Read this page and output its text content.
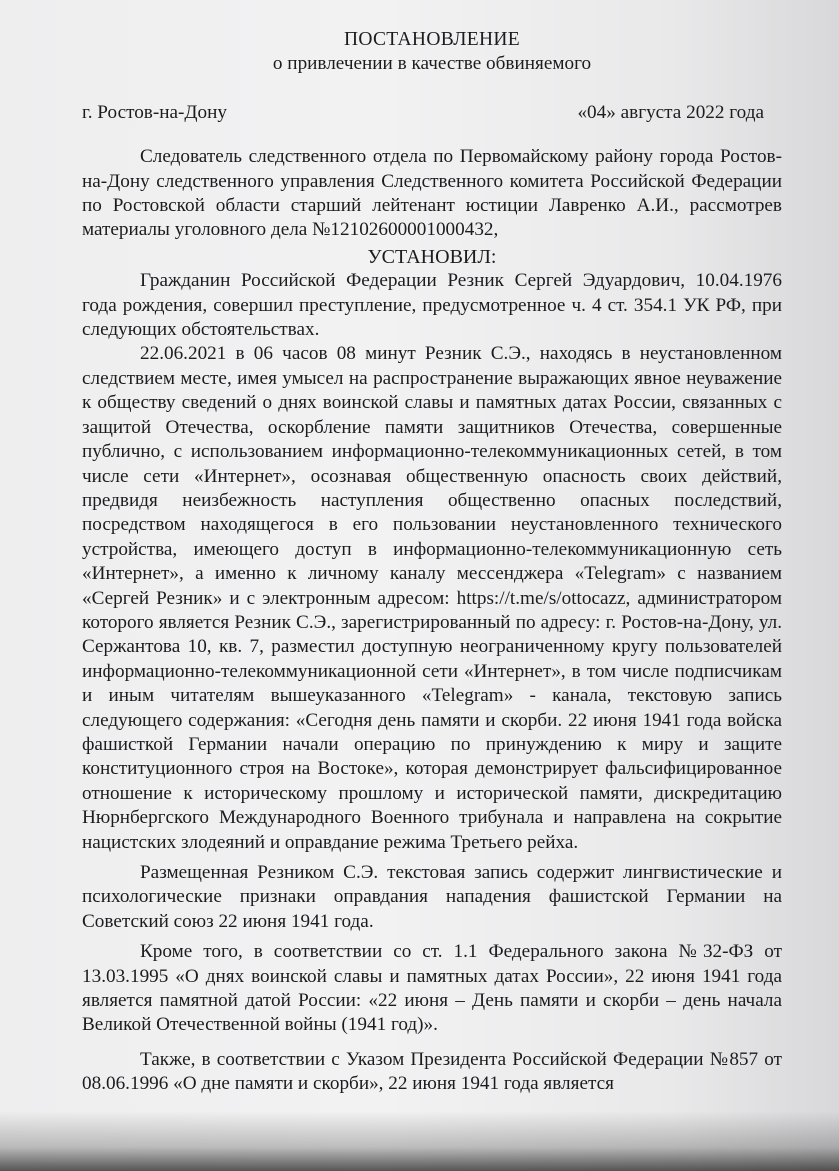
ПОСТАНОВЛЕНИЕ
о привлечении в качестве обвиняемого
г. Ростов-на-Дону	«04» августа 2022 года

Следователь следственного отдела по Первомайскому району города Ростов-на-Дону следственного управления Следственного комитета Российской Федерации по Ростовской области старший лейтенант юстиции Лавренко А.И., рассмотрев материалы уголовного дела №12102600001000432,

УСТАНОВИЛ:

Гражданин Российской Федерации Резник Сергей Эдуардович, 10.04.1976 года рождения, совершил преступление, предусмотренное ч. 4 ст. 354.1 УК РФ, при следующих обстоятельствах.

22.06.2021 в 06 часов 08 минут Резник С.Э., находясь в неустановленном следствием месте, имея умысел на распространение выражающих явное неуважение к обществу сведений о днях воинской славы и памятных датах России, связанных с защитой Отечества, оскорбление памяти защитников Отечества, совершенные публично, с использованием информационно-телекоммуникационных сетей, в том числе сети «Интернет», осознавая общественную опасность своих действий, предвидя неизбежность наступления общественно опасных последствий, посредством находящегося в его пользовании неустановленного технического устройства, имеющего доступ в информационно-телекоммуникационную сеть «Интернет», а именно к личному каналу мессенджера «Telegram» с названием «Сергей Резник» и с электронным адресом: https://t.me/s/ottocazz, администратором которого является Резник С.Э., зарегистрированный по адресу: г. Ростов-на-Дону, ул. Сержантова 10, кв. 7, разместил доступную неограниченному кругу пользователей информационно-телекоммуникационной сети «Интернет», в том числе подписчикам и иным читателям вышеуказанного «Telegram» - канала, текстовую запись следующего содержания: «Сегодня день памяти и скорби. 22 июня 1941 года войска фашисткой Германии начали операцию по принуждению к миру и защите конституционного строя на Востоке», которая демонстрирует фальсифицированное отношение к историческому прошлому и исторической памяти, дискредитацию Нюрнбергского Международного Военного трибунала и направлена на сокрытие нацистских злодеяний и оправдание режима Третьего рейха.

Размещенная Резником С.Э. текстовая запись содержит лингвистические и психологические признаки оправдания нападения фашистской Германии на Советский союз 22 июня 1941 года.

Кроме того, в соответствии со ст. 1.1 Федерального закона №32-ФЗ от 13.03.1995 «О днях воинской славы и памятных датах России», 22 июня 1941 года является памятной датой России: «22 июня – День памяти и скорби – день начала Великой Отечественной войны (1941 год)».

Также, в соответствии с Указом Президента Российской Федерации №857 от 08.06.1996 «О дне памяти и скорби», 22 июня 1941 года является
